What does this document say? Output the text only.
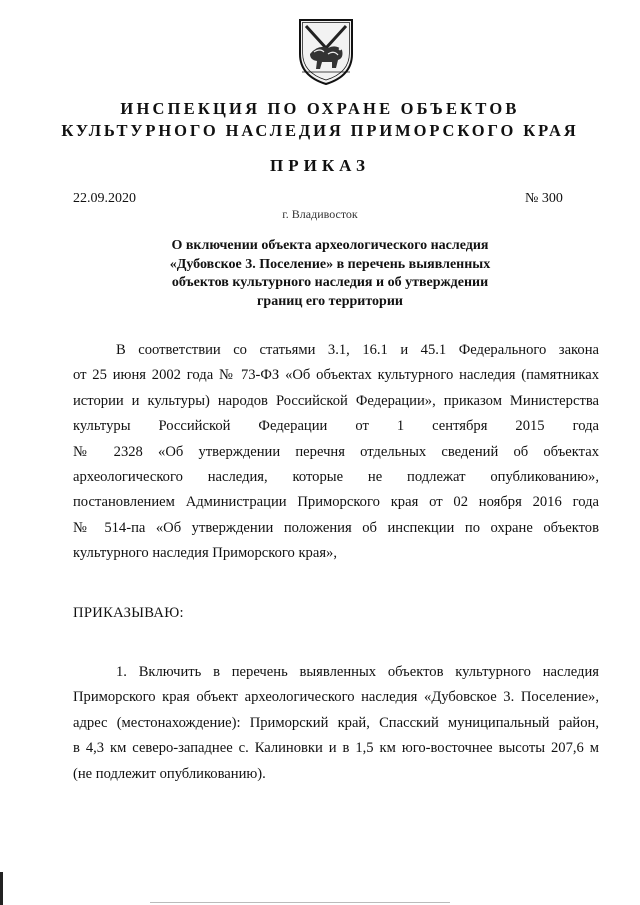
ИНСПЕКЦИЯ ПО ОХРАНЕ ОБЪЕКТОВ
КУЛЬТУРНОГО НАСЛЕДИЯ ПРИМОРСКОГО КРАЯ
ПРИКАЗ
22.09.2020	№ 300
г. Владивосток
О включении объекта археологического наследия
«Дубовское 3. Поселение» в перечень выявленных
объектов культурного наследия и об утверждении
границ его территории
В соответствии со статьями 3.1, 16.1 и 45.1 Федерального закона
от 25 июня 2002 года № 73-ФЗ «Об объектах культурного наследия (памятниках
истории и культуры) народов Российской Федерации», приказом Министерства
культуры Российской Федерации от 1 сентября 2015 года
№ 2328 «Об утверждении перечня отдельных сведений об объектах
археологического наследия, которые не подлежат опубликованию»,
постановлением Администрации Приморского края от 02 ноября 2016 года
№ 514-па «Об утверждении положения об инспекции по охране объектов
культурного наследия Приморского края»,
ПРИКАЗЫВАЮ:
1. Включить в перечень выявленных объектов культурного наследия
Приморского края объект археологического наследия «Дубовское 3. Поселение»,
адрес (местонахождение): Приморский край, Спасский муниципальный район,
в 4,3 км северо-западнее с. Калиновки и в 1,5 км юго-восточнее высоты 207,6 м
(не подлежит опубликованию).
